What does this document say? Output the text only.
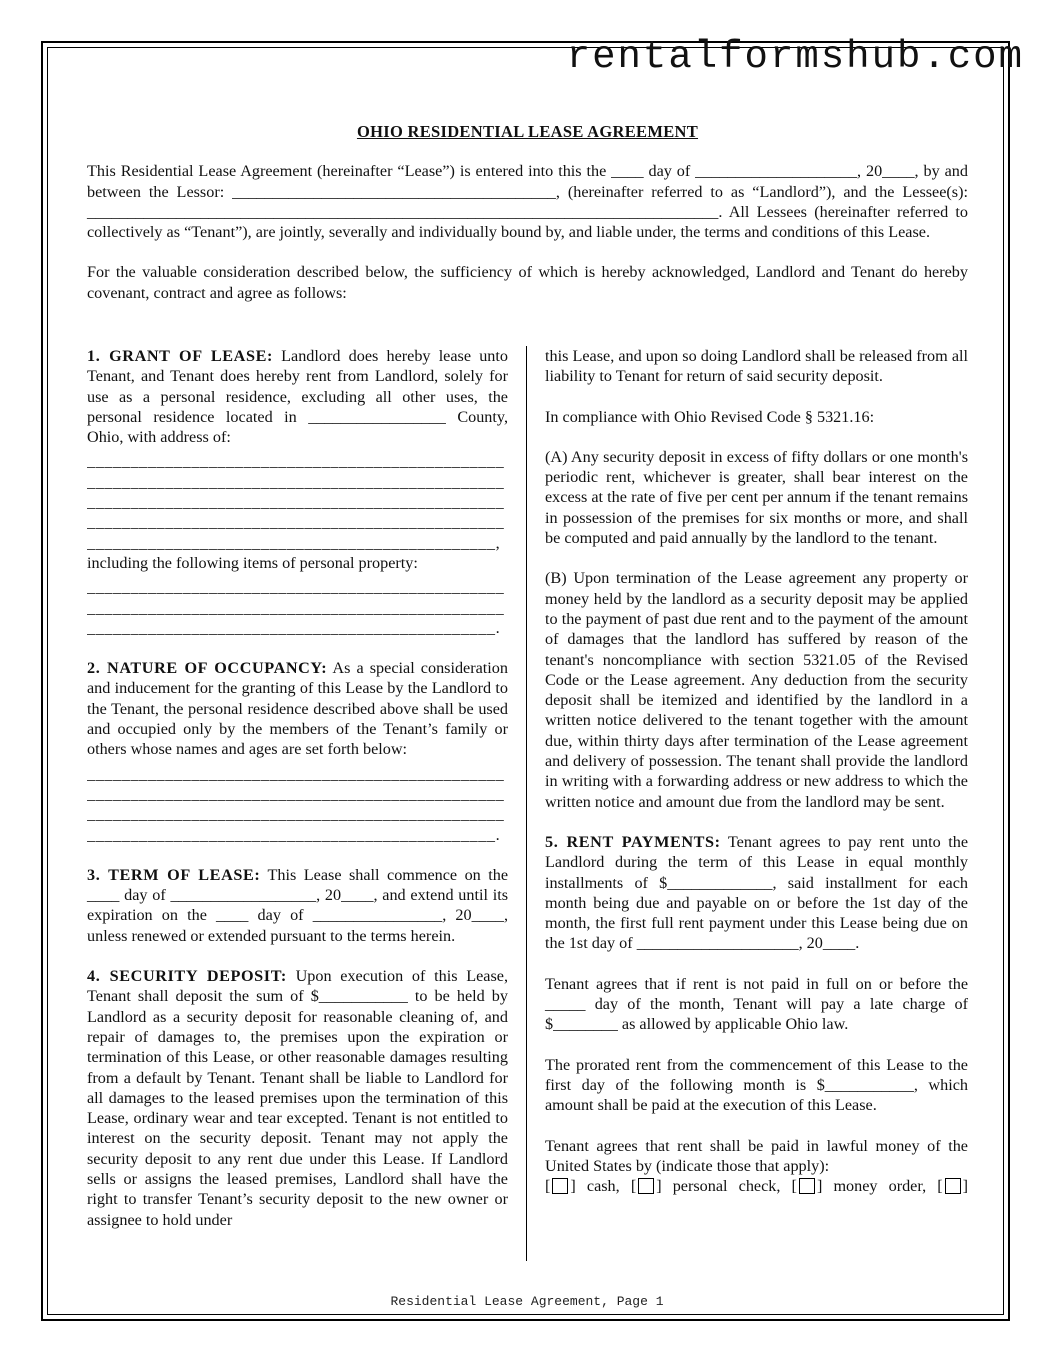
rentalformshub.com
OHIO RESIDENTIAL LEASE AGREEMENT

This Residential Lease Agreement (hereinafter “Lease”) is entered into this the ____ day of ____________________, 20____, by and between the Lessor: ________________________________________, (hereinafter referred to as “Landlord”), and the Lessee(s): ______________________________________________________________________________. All Lessees (hereinafter referred to collectively as “Tenant”), are jointly, severally and individually bound by, and liable under, the terms and conditions of this Lease.

For the valuable consideration described below, the sufficiency of which is hereby acknowledged, Landlord and Tenant do hereby covenant, contract and agree as follows:

1. GRANT OF LEASE: Landlord does hereby lease unto Tenant, and Tenant does hereby rent from Landlord, solely for use as a personal residence, excluding all other uses, the personal residence located in _________________ County, Ohio, with address of:

________________________________________________
________________________________________________
________________________________________________
________________________________________________
_______________________________________________,

including the following items of personal property:

________________________________________________
________________________________________________
_______________________________________________.

2. NATURE OF OCCUPANCY: As a special consideration and inducement for the granting of this Lease by the Landlord to the Tenant, the personal residence described above shall be used and occupied only by the members of the Tenant’s family or others whose names and ages are set forth below:

________________________________________________
________________________________________________
________________________________________________
_______________________________________________.

3. TERM OF LEASE: This Lease shall commence on the ____ day of __________________, 20____, and extend until its expiration on the ____ day of ________________, 20____, unless renewed or extended pursuant to the terms herein.

4. SECURITY DEPOSIT: Upon execution of this Lease, Tenant shall deposit the sum of $___________ to be held by Landlord as a security deposit for reasonable cleaning of, and repair of damages to, the premises upon the expiration or termination of this Lease, or other reasonable damages resulting from a default by Tenant. Tenant shall be liable to Landlord for all damages to the leased premises upon the termination of this Lease, ordinary wear and tear excepted. Tenant is not entitled to interest on the security deposit. Tenant may not apply the security deposit to any rent due under this Lease. If Landlord sells or assigns the leased premises, Landlord shall have the right to transfer Tenant’s security deposit to the new owner or assignee to hold under

this Lease, and upon so doing Landlord shall be released from all liability to Tenant for return of said security deposit.

In compliance with Ohio Revised Code § 5321.16:

(A) Any security deposit in excess of fifty dollars or one month's periodic rent, whichever is greater, shall bear interest on the excess at the rate of five per cent per annum if the tenant remains in possession of the premises for six months or more, and shall be computed and paid annually by the landlord to the tenant.

(B) Upon termination of the Lease agreement any property or money held by the landlord as a security deposit may be applied to the payment of past due rent and to the payment of the amount of damages that the landlord has suffered by reason of the tenant's noncompliance with section 5321.05 of the Revised Code or the Lease agreement. Any deduction from the security deposit shall be itemized and identified by the landlord in a written notice delivered to the tenant together with the amount due, within thirty days after termination of the Lease agreement and delivery of possession. The tenant shall provide the landlord in writing with a forwarding address or new address to which the written notice and amount due from the landlord may be sent.

5. RENT PAYMENTS: Tenant agrees to pay rent unto the Landlord during the term of this Lease in equal monthly installments of $_____________, said installment for each month being due and payable on or before the 1st day of the month, the first full rent payment under this Lease being due on the 1st day of ____________________, 20____.

Tenant agrees that if rent is not paid in full on or before the _____ day of the month, Tenant will pay a late charge of $________ as allowed by applicable Ohio law.

The prorated rent from the commencement of this Lease to the first day of the following month is $___________, which amount shall be paid at the execution of this Lease.

Tenant agrees that rent shall be paid in lawful money of the United States by (indicate those that apply):

[ ] cash, [ ] personal check, [ ] money order, [ ]
Residential Lease Agreement, Page 1
